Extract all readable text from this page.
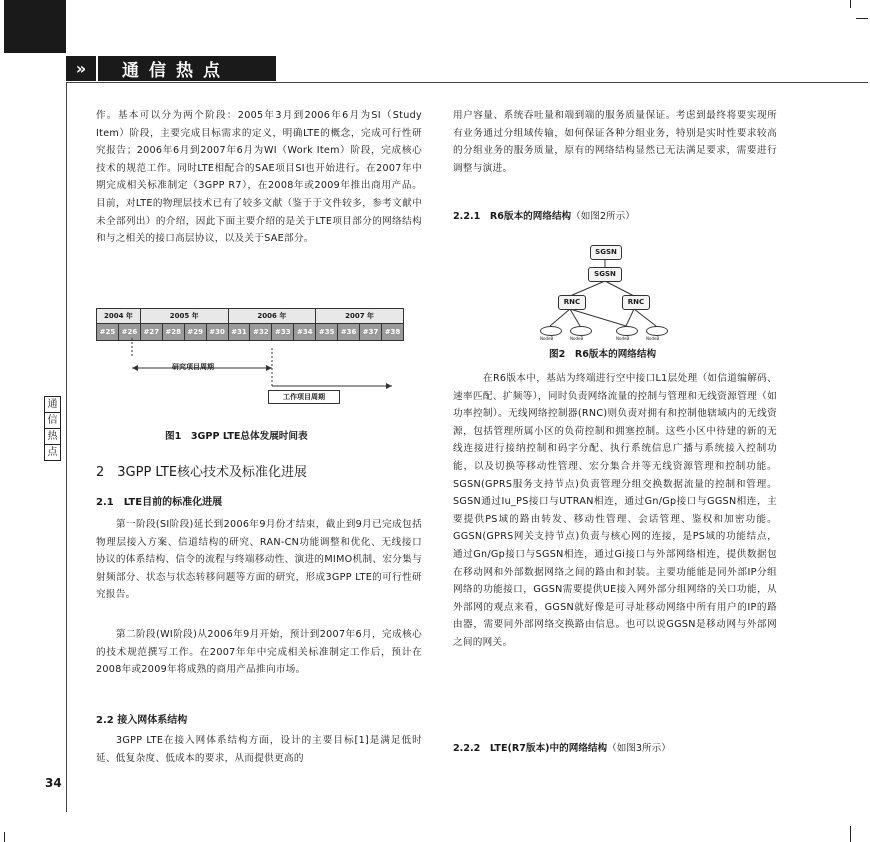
»	通信热点
通
信
热
点
34
作。基本可以分为两个阶段：2005年3月到2006年6月为SI（Study Item）阶段，主要完成目标需求的定义，明确LTE的概念，完成可行性研究报告；2006年6月到2007年6月为WI（Work Item）阶段，完成核心技术的规范工作。同时LTE相配合的SAE项目SI也开始进行。在2007年中期完成相关标准制定（3GPP R7），在2008年或2009年推出商用产品。目前，对LTE的物理层技术已有了较多文献（鉴于于文件较多，参考文献中未全部列出）的介绍，因此下面主要介绍的是关于LTE项目部分的网络结构和与之相关的接口高层协议，以及关于SAE部分。
2004 年		2005 年				2006 年				2007 年			
#25	#26	#27	#28	#29	#30	#31	#32	#33	#34	#35	#36	#37	#38
研究项目周期
工作项目周期
图1　3GPP LTE总体发展时间表
2　3GPP LTE核心技术及标准化进展
2.1　LTE目前的标准化进展
第一阶段(SI阶段)延长到2006年9月份才结束，截止到9月已完成包括物理层接入方案、信道结构的研究、RAN-CN功能调整和优化、无线接口协议的体系结构、信令的流程与终端移动性、演进的MIMO机制、宏分集与射频部分、状态与状态转移问题等方面的研究，形成3GPP LTE的可行性研究报告。
第二阶段(WI阶段)从2006年9月开始，预计到2007年6月，完成核心的技术规范撰写工作。在2007年年中完成相关标准制定工作后，预计在2008年或2009年将成熟的商用产品推向市场。
2.2 接入网体系结构
3GPP LTE在接入网体系结构方面，设计的主要目标[1]是满足低时延、低复杂度、低成本的要求，从而提供更高的
用户容量、系统吞吐量和端到端的服务质量保证。考虑到最终将要实现所有业务通过分组域传输，如何保证各种分组业务，特别是实时性要求较高的分组业务的服务质量，原有的网络结构显然已无法满足要求，需要进行调整与演进。
2.2.1　R6版本的网络结构（如图2所示）
SGSN
SGSN
RNC	RNC
NodeB	NodeB	NodeB	NodeB
图2　R6版本的网络结构
在R6版本中，基站为终端进行空中接口L1层处理（如信道编解码、速率匹配、扩频等），同时负责网络流量的控制与管理和无线资源管理（如功率控制）。无线网络控制器(RNC)则负责对拥有和控制他辖域内的无线资源，包括管理所属小区的负荷控制和拥塞控制。这些小区中待建的新的无线连接进行接纳控制和码字分配、执行系统信息广播与系统接入控制功能，以及切换等移动性管理、宏分集合并等无线资源管理和控制功能。SGSN(GPRS服务支持节点)负责管理分组交换数据流量的控制和管理。SGSN通过Iu_PS接口与UTRAN相连，通过Gn/Gp接口与GGSN相连，主要提供PS域的路由转发、移动性管理、会话管理、鉴权和加密功能。GGSN(GPRS网关支持节点)负责与核心网的连接，是PS域的功能结点，通过Gn/Gp接口与SGSN相连，通过Gi接口与外部网络相连，提供数据包在移动网和外部数据网络之间的路由和封装。主要功能能是同外部IP分组网络的功能接口，GGSN需要提供UE接入网外部分组网络的关口功能，从外部网的观点来看，GGSN就好像是可寻址移动网络中所有用户的IP的路由器，需要同外部网络交换路由信息。也可以说GGSN是移动网与外部网之间的网关。
2.2.2　LTE(R7版本)中的网络结构（如图3所示）
